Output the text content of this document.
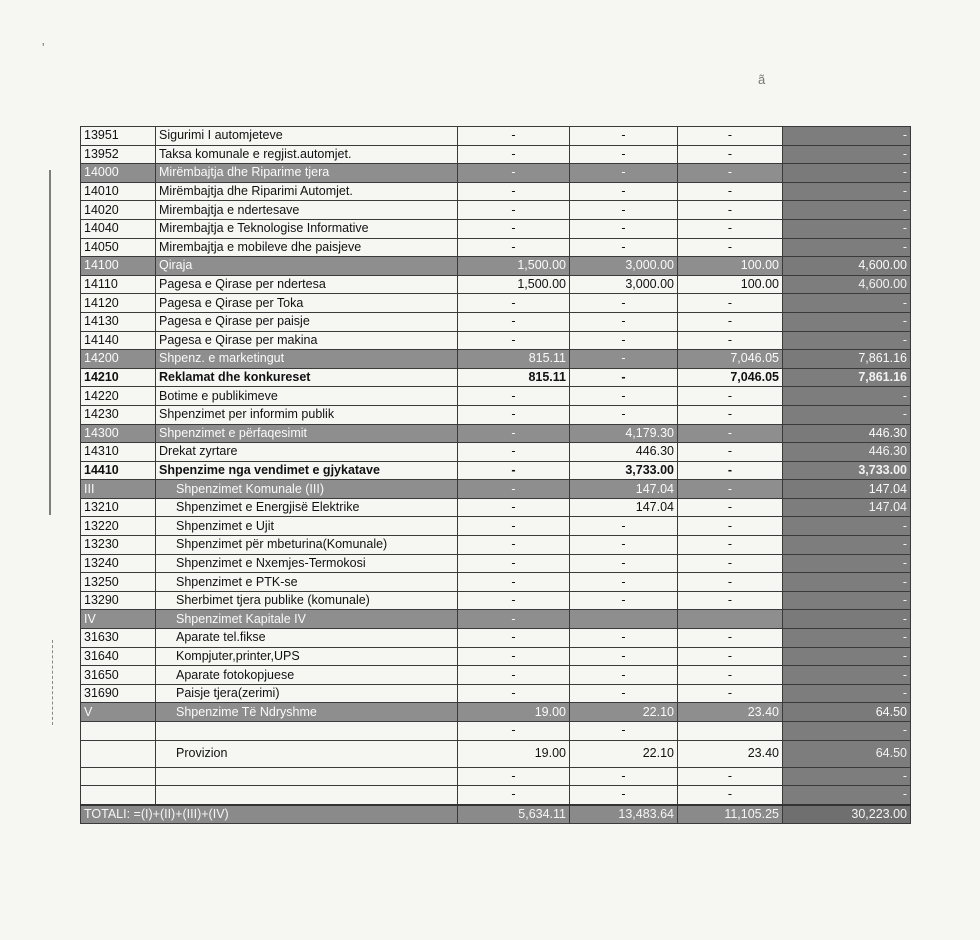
'
ã
13951	Sigurimi I automjeteve	-	-	-	-
13952	Taksa komunale e regjist.automjet.	-	-	-	-
14000	Mirëmbajtja dhe Riparime tjera	-	-	-	-
14010	Mirëmbajtja dhe Riparimi Automjet.	-	-	-	-
14020	Mirembajtja e ndertesave	-	-	-	-
14040	Mirembajtja e Teknologise Informative	-	-	-	-
14050	Mirembajtja e mobileve dhe paisjeve	-	-	-	-
14100	Qiraja	1,500.00	3,000.00	100.00	4,600.00
14110	Pagesa e Qirase per ndertesa	1,500.00	3,000.00	100.00	4,600.00
14120	Pagesa e Qirase per Toka	-	-	-	-
14130	Pagesa e Qirase per paisje	-	-	-	-
14140	Pagesa e Qirase per makina	-	-	-	-
14200	Shpenz. e marketingut	815.11	-	7,046.05	7,861.16
14210	Reklamat dhe konkureset	815.11	-	7,046.05	7,861.16
14220	Botime e publikimeve	-	-	-	-
14230	Shpenzimet per informim publik	-	-	-	-
14300	Shpenzimet e përfaqesimit	-	4,179.30	-	446.30
14310	Drekat zyrtare	-	446.30	-	446.30
14410	Shpenzime nga vendimet e gjykatave	-	3,733.00	-	3,733.00
III	Shpenzimet Komunale (III)	-	147.04	-	147.04
13210	Shpenzimet e Energjisë Elektrike	-	147.04	-	147.04
13220	Shpenzimet e Ujit	-	-	-	-
13230	Shpenzimet për mbeturina(Komunale)	-	-	-	-
13240	Shpenzimet e Nxemjes-Termokosi	-	-	-	-
13250	Shpenzimet e PTK-se	-	-	-	-
13290	Sherbimet tjera publike (komunale)	-	-	-	-
IV	Shpenzimet Kapitale IV	-			-
31630	Aparate tel.fikse	-	-	-	-
31640	Kompjuter,printer,UPS	-	-	-	-
31650	Aparate fotokopjuese	-	-	-	-
31690	Paisje tjera(zerimi)	-	-	-	-
V	Shpenzime Të Ndryshme	19.00	22.10	23.40	64.50
		-	-		-
	Provizion	19.00	22.10	23.40	64.50
		-	-	-	-
		-	-	-	-
TOTALI: =(I)+(II)+(III)+(IV)		5,634.11	13,483.64	11,105.25	30,223.00
